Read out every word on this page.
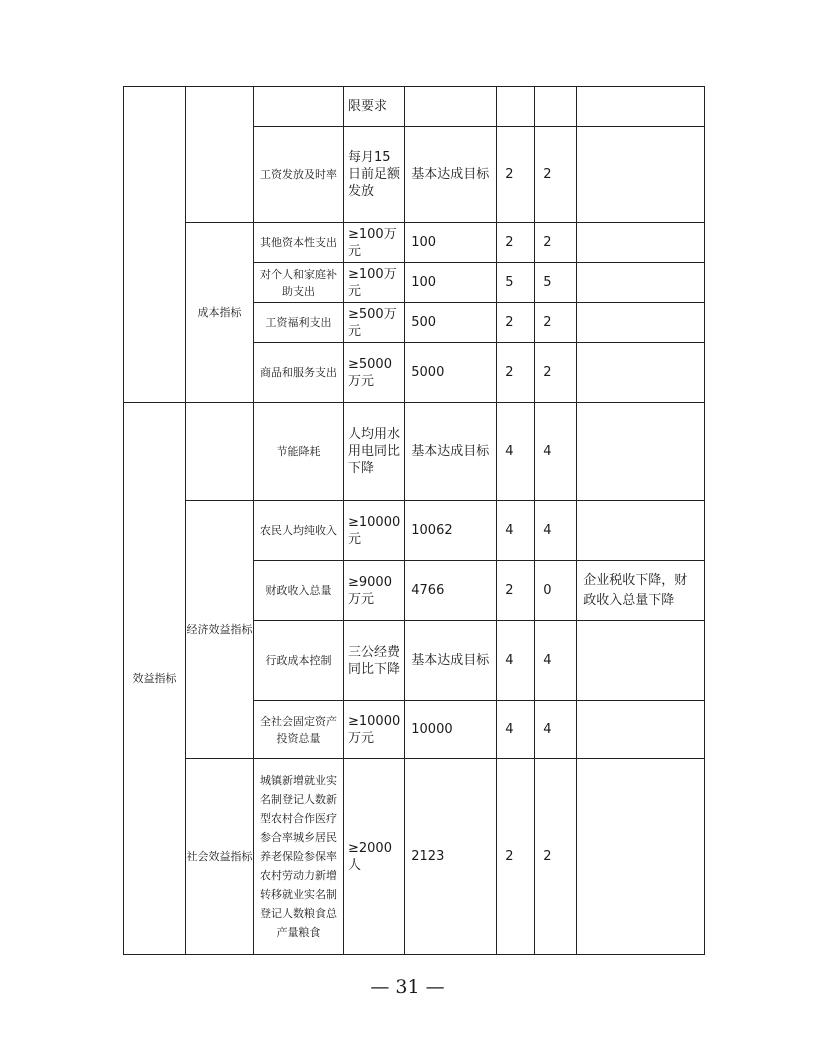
			限要求				
		工资发放及时率	每月15日前足额发放	基本达成目标	2	2	
	成本指标	其他资本性支出	≥100万元	100	2	2	
		对个人和家庭补助支出	≥100万元	100	5	5	
		工资福利支出	≥500万元	500	2	2	
		商品和服务支出	≥5000万元	5000	2	2	
效益指标		节能降耗	人均用水用电同比下降	基本达成目标	4	4	
	经济效益指标	农民人均纯收入	≥10000元	10062	4	4	
		财政收入总量	≥9000万元	4766	2	0	企业税收下降，财政收入总量下降
		行政成本控制	三公经费同比下降	基本达成目标	4	4	
		全社会固定资产投资总量	≥10000万元	10000	4	4	
	社会效益指标	城镇新增就业实名制登记人数新型农村合作医疗参合率城乡居民养老保险参保率农村劳动力新增转移就业实名制登记人数粮食总产量粮食	≥2000人	2123	2	2	
— 31 —
